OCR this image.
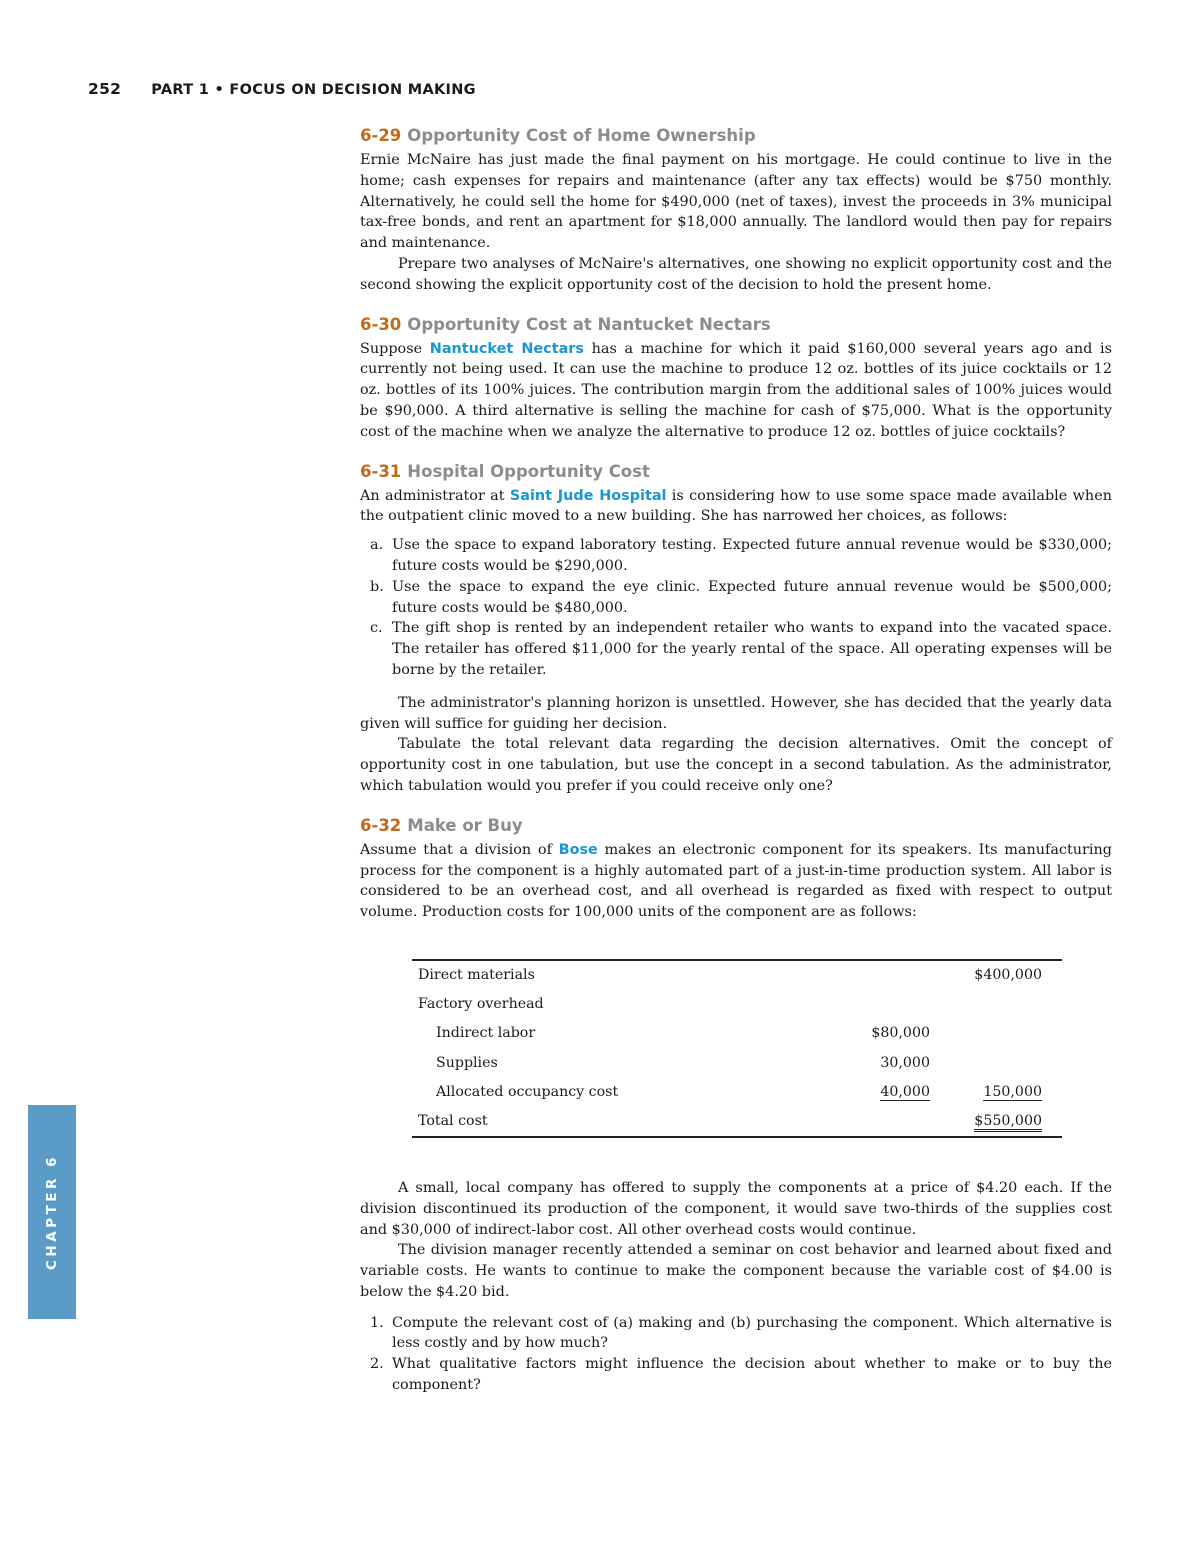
252 PART 1 • FOCUS ON DECISION MAKING
CHAPTER 6
6-29 Opportunity Cost of Home Ownership

Ernie McNaire has just made the final payment on his mortgage. He could continue to live in the home; cash expenses for repairs and maintenance (after any tax effects) would be $750 monthly. Alternatively, he could sell the home for $490,000 (net of taxes), invest the proceeds in 3% municipal tax-free bonds, and rent an apartment for $18,000 annually. The landlord would then pay for repairs and maintenance.

Prepare two analyses of McNaire's alternatives, one showing no explicit opportunity cost and the second showing the explicit opportunity cost of the decision to hold the present home.

6-30 Opportunity Cost at Nantucket Nectars

Suppose Nantucket Nectars has a machine for which it paid $160,000 several years ago and is currently not being used. It can use the machine to produce 12 oz. bottles of its juice cocktails or 12 oz. bottles of its 100% juices. The contribution margin from the additional sales of 100% juices would be $90,000. A third alternative is selling the machine for cash of $75,000. What is the opportunity cost of the machine when we analyze the alternative to produce 12 oz. bottles of juice cocktails?

6-31 Hospital Opportunity Cost

An administrator at Saint Jude Hospital is considering how to use some space made available when the outpatient clinic moved to a new building. She has narrowed her choices, as follows:

a. Use the space to expand laboratory testing. Expected future annual revenue would be $330,000; future costs would be $290,000.
b. Use the space to expand the eye clinic. Expected future annual revenue would be $500,000; future costs would be $480,000.
c. The gift shop is rented by an independent retailer who wants to expand into the vacated space. The retailer has offered $11,000 for the yearly rental of the space. All operating expenses will be borne by the retailer.

The administrator's planning horizon is unsettled. However, she has decided that the yearly data given will suffice for guiding her decision.

Tabulate the total relevant data regarding the decision alternatives. Omit the concept of opportunity cost in one tabulation, but use the concept in a second tabulation. As the administrator, which tabulation would you prefer if you could receive only one?

6-32 Make or Buy

Assume that a division of Bose makes an electronic component for its speakers. Its manufacturing process for the component is a highly automated part of a just-in-time production system. All labor is considered to be an overhead cost, and all overhead is regarded as fixed with respect to output volume. Production costs for 100,000 units of the component are as follows:

Direct materials		$400,000
Factory overhead		
Indirect labor	$80,000	
Supplies	30,000	
Allocated occupancy cost	40,000	150,000
Total cost		$550,000

A small, local company has offered to supply the components at a price of $4.20 each. If the division discontinued its production of the component, it would save two-thirds of the supplies cost and $30,000 of indirect-labor cost. All other overhead costs would continue.

The division manager recently attended a seminar on cost behavior and learned about fixed and variable costs. He wants to continue to make the component because the variable cost of $4.00 is below the $4.20 bid.

1. Compute the relevant cost of (a) making and (b) purchasing the component. Which alternative is less costly and by how much?
2. What qualitative factors might influence the decision about whether to make or to buy the component?
